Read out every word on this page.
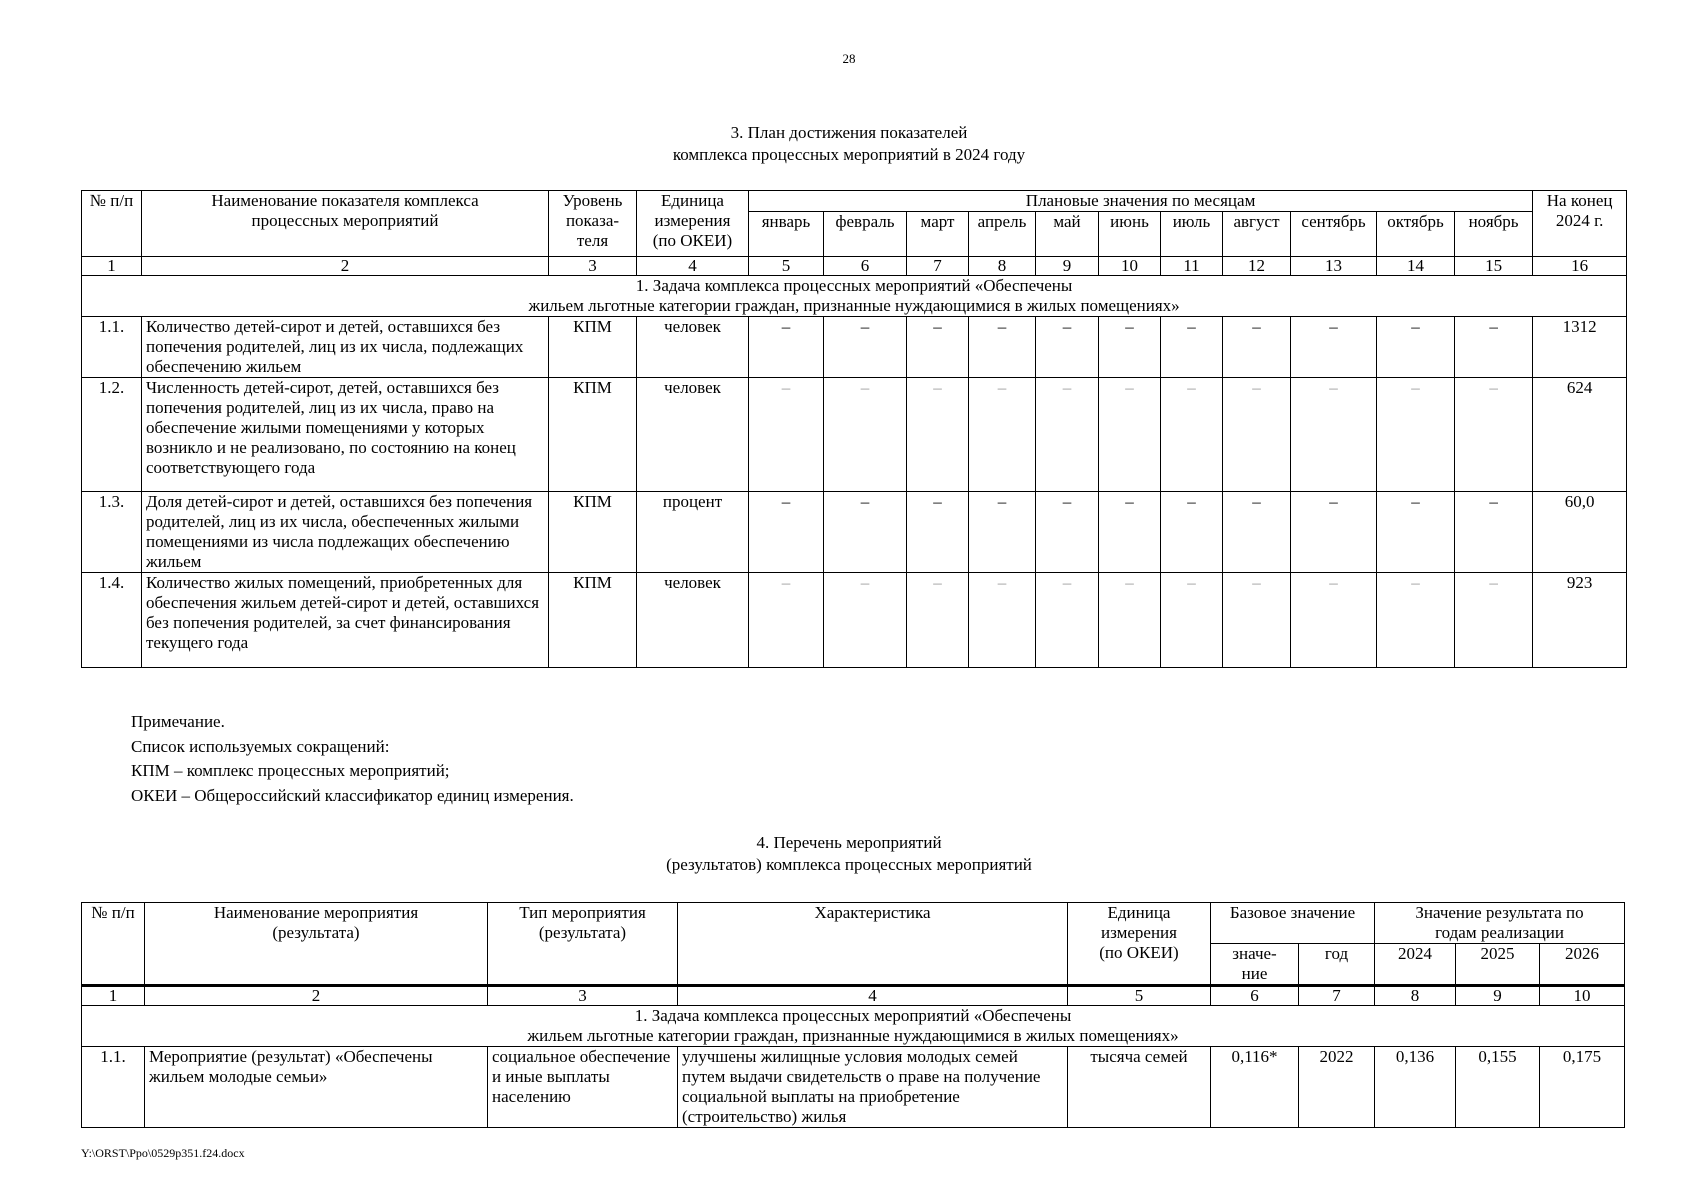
28
3. План достижения показателей
комплекса процессных мероприятий в 2024 году
№ п/п	Наименование показателя комплекса процессных мероприятий	Уровень показа-теля	Единица измерения (по ОКЕИ)	Плановые значения по месяцам											На конец 2024 г.
				январь	февраль	март	апрель	май	июнь	июль	август	сентябрь	октябрь	ноябрь	
1	2	3	4	5	6	7	8	9	10	11	12	13	14	15	16

1. Задача комплекса процессных мероприятий «Обеспечены
жильем льготные категории граждан, признанные нуждающимися в жилых помещениях»															

1.1.	Количество детей-сирот и детей, оставшихся без попечения родителей, лиц из их числа, подлежащих обеспечению жильем	КПМ	человек	–	–	–	–	–	–	–	–	–	–	–	1312
1.2.	Численность детей-сирот, детей, оставшихся без попечения родителей, лиц из их числа, право на обеспечение жилыми помещениями у которых возникло и не реализовано, по состоянию на конец соответствующего года	КПМ	человек	–	–	–	–	–	–	–	–	–	–	–	624
1.3.	Доля детей-сирот и детей, оставшихся без попечения родителей, лиц из их числа, обеспеченных жилыми помещениями из числа подлежащих обеспечению жильем	КПМ	процент	–	–	–	–	–	–	–	–	–	–	–	60,0
1.4.	Количество жилых помещений, приобретенных для обеспечения жильем детей-сирот и детей, оставшихся без попечения родителей, за счет финансирования текущего года	КПМ	человек	–	–	–	–	–	–	–	–	–	–	–	923
Примечание.
Список используемых сокращений:
КПМ – комплекс процессных мероприятий;
ОКЕИ – Общероссийский классификатор единиц измерения.
4. Перечень мероприятий
(результатов) комплекса процессных мероприятий
№ п/п	Наименование мероприятия (результата)	Тип мероприятия (результата)	Характеристика	Единица измерения (по ОКЕИ)	Базовое значение		Значение результата по годам реализации		
					значе-ние	год	2024	2025	2026
1	2	3	4	5	6	7	8	9	10

1. Задача комплекса процессных мероприятий «Обеспечены
жильем льготные категории граждан, признанные нуждающимися в жилых помещениях»									

1.1.	Мероприятие (результат) «Обеспечены жильем молодые семьи»	социальное обеспечение и иные выплаты населению	улучшены жилищные условия молодых семей путем выдачи свидетельств о праве на получение социальной выплаты на приобретение (строительство) жилья	тысяча семей	0,116*	2022	0,136	0,155	0,175
Y:\ORST\Ppo\0529p351.f24.docx
